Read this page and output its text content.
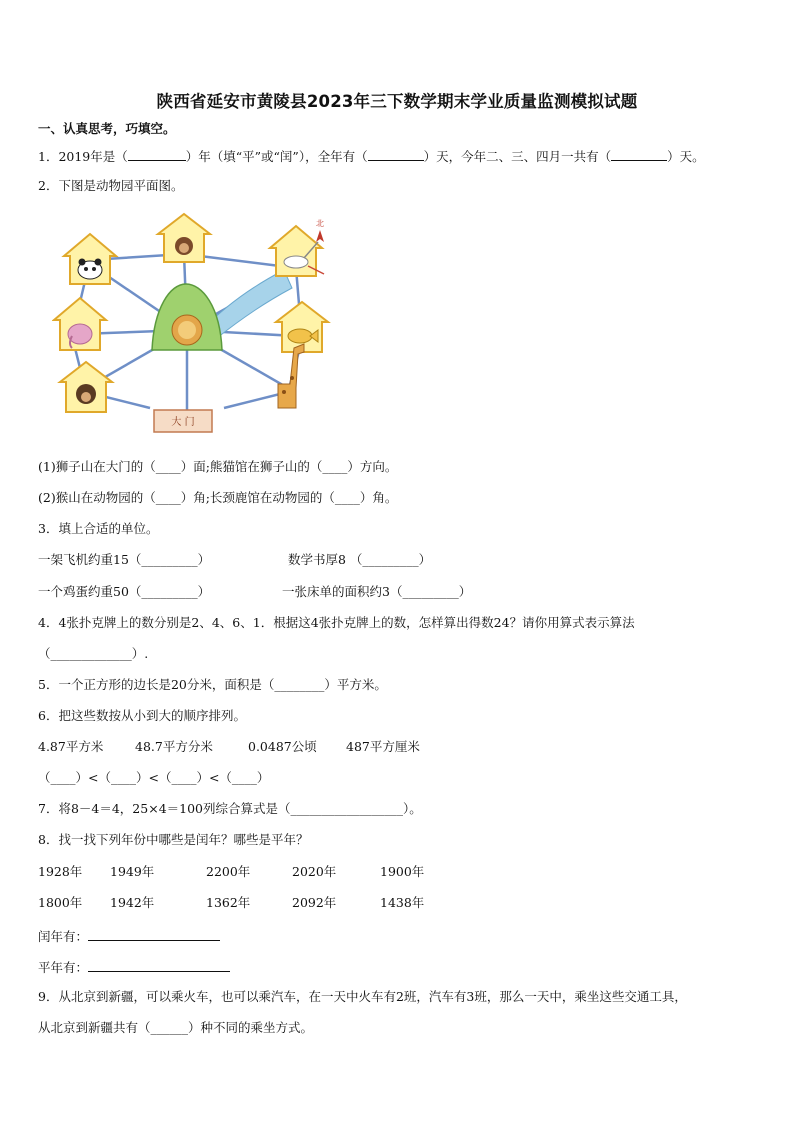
陕西省延安市黄陵县2023年三下数学期末学业质量监测模拟试题
一、认真思考，巧填空。
1．2019年是（	）年（填“平”或“闰”），全年有（	）天，今年二、三、四月一共有（	）天。
2．下图是动物园平面图。
大 门
北
(1)狮子山在大门的（____）面;熊猫馆在狮子山的（____）方向。
(2)猴山在动物园的（____）角;长颈鹿馆在动物园的（____）角。
3．填上合适的单位。
一架飞机约重15（_________）	数学书厚8 （_________）
一个鸡蛋约重50（_________）	一张床单的面积约3（_________）
4．4张扑克牌上的数分别是2、4、6、1．根据这4张扑克牌上的数，怎样算出得数24？请你用算式表示算法
（_____________）.
5．一个正方形的边长是20分米，面积是（________）平方米。
6．把这些数按从小到大的顺序排列。
4.87平方米	48.7平方分米	0.0487公顷 487平方厘米
（____）<（____）<（____）<（____）
7．将8－4＝4，25×4＝100列综合算式是（__________________）。
8．找一找下列年份中哪些是闰年？哪些是平年？
1928年 1949年	2200年	2020年	1900年
1800年 1942年	1362年	2092年	1438年
闰年有：
平年有：
9．从北京到新疆，可以乘火车，也可以乘汽车，在一天中火车有2班，汽车有3班，那么一天中，乘坐这些交通工具，
从北京到新疆共有（______）种不同的乘坐方式。
